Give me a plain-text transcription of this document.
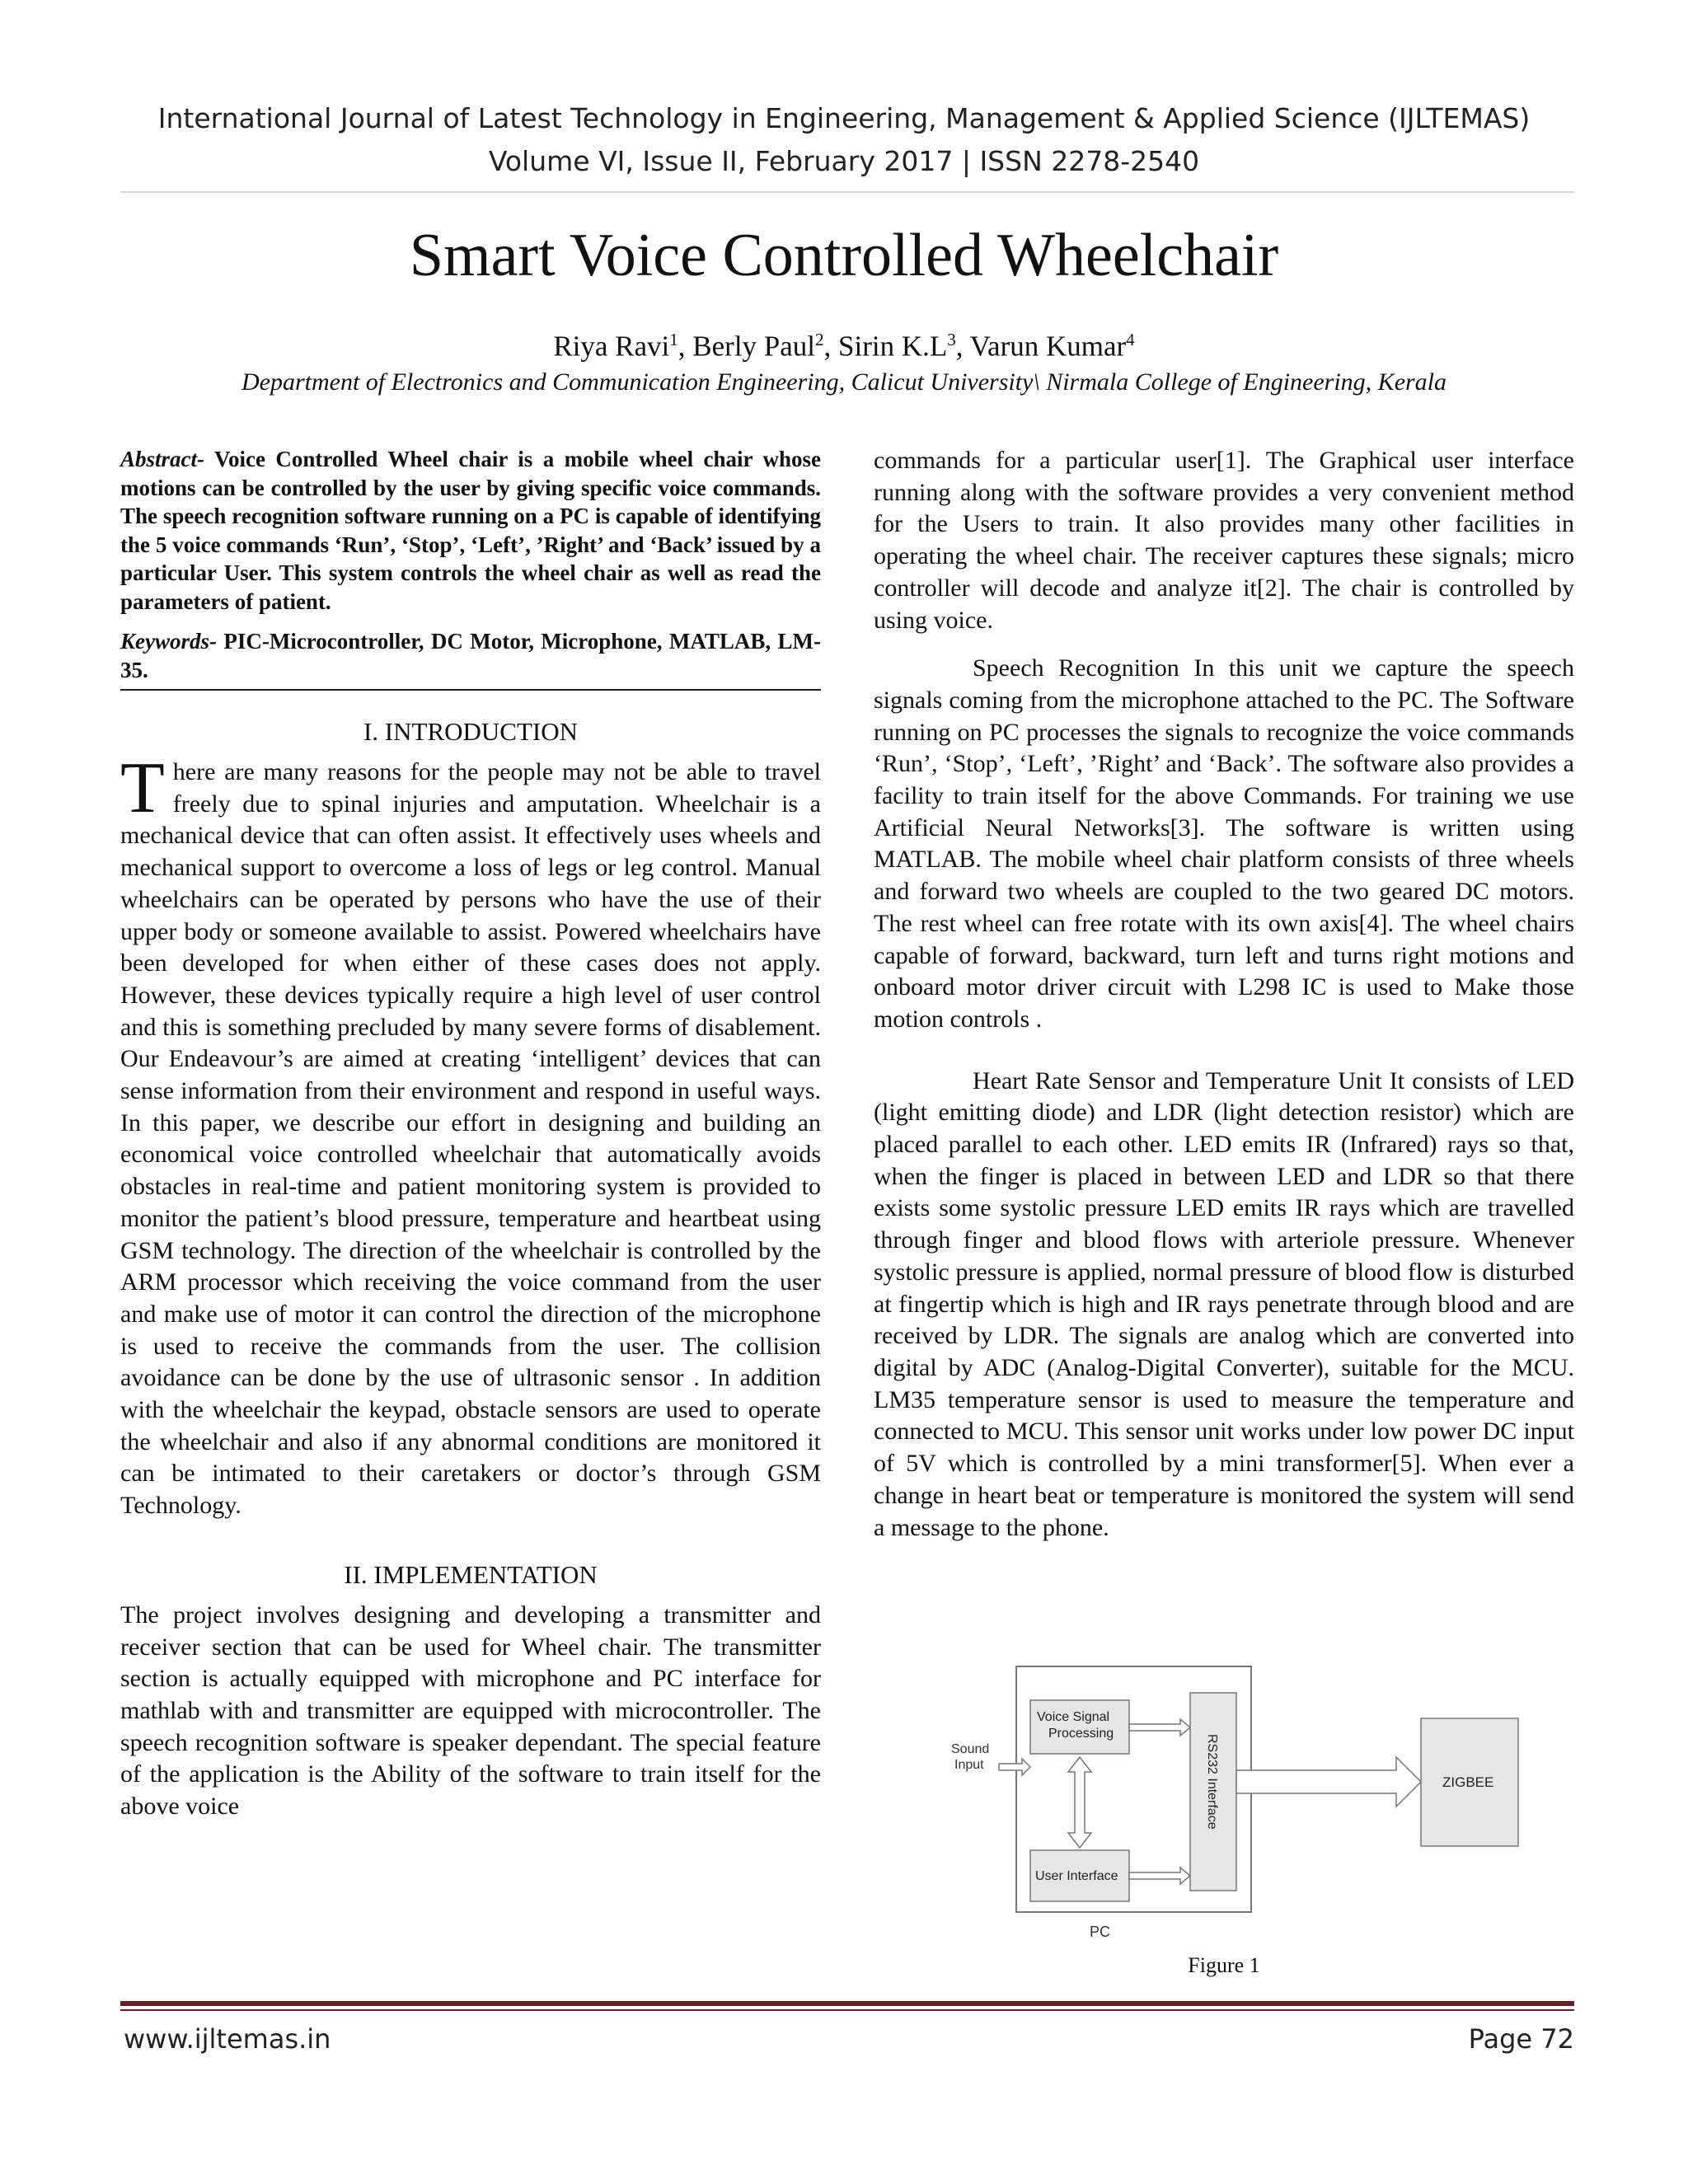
International Journal of Latest Technology in Engineering, Management & Applied Science (IJLTEMAS)
Volume VI, Issue II, February 2017 | ISSN 2278-2540
Smart Voice Controlled Wheelchair
Riya Ravi$^1$, Berly Paul$^2$, Sirin $K.L^3$, Varun Kumar$^4$
Department of Electronics and Communication Engineering, Calicut University\ Nirmala College of Engineering, Kerala

Abstract- Voice Controlled Wheel chair is a mobile wheel chair whose motions can be controlled by the user by giving specific voice commands. The speech recognition software running on a PC is capable of identifying the 5 voice commands ‘Run’, ‘Stop’, ‘Left’, ’Right’ and ‘Back’ issued by a particular User. This system controls the wheel chair as well as read the parameters of patient.

Keywords- PIC-Microcontroller, DC Motor, Microphone, MATLAB, LM-35.

I. INTRODUCTION

There are many reasons for the people may not be able to travel freely due to spinal injuries and amputation. Wheelchair is a mechanical device that can often assist. It effectively uses wheels and mechanical support to overcome a loss of legs or leg control. Manual wheelchairs can be operated by persons who have the use of their upper body or someone available to assist. Powered wheelchairs have been developed for when either of these cases does not apply. However, these devices typically require a high level of user control and this is something precluded by many severe forms of disablement. Our Endeavour’s are aimed at creating ‘intelligent’ devices that can sense information from their environment and respond in useful ways. In this paper, we describe our effort in designing and building an economical voice controlled wheelchair that automatically avoids obstacles in real-time and patient monitoring system is provided to monitor the patient’s blood pressure, temperature and heartbeat using GSM technology. The direction of the wheelchair is controlled by the ARM processor which receiving the voice command from the user and make use of motor it can control the direction of the microphone is used to receive the commands from the user. The collision avoidance can be done by the use of ultrasonic sensor . In addition with the wheelchair the keypad, obstacle sensors are used to operate the wheelchair and also if any abnormal conditions are monitored it can be intimated to their caretakers or doctor’s through GSM Technology.

II. IMPLEMENTATION

The project involves designing and developing a transmitter and receiver section that can be used for Wheel chair. The transmitter section is actually equipped with microphone and PC interface for mathlab with and transmitter are equipped with microcontroller. The speech recognition software is speaker dependant. The special feature of the application is the Ability of the software to train itself for the above voice

commands for a particular user[1]. The Graphical user interface running along with the software provides a very convenient method for the Users to train. It also provides many other facilities in operating the wheel chair. The receiver captures these signals; micro controller will decode and analyze it[2]. The chair is controlled by using voice.

Speech Recognition In this unit we capture the speech signals coming from the microphone attached to the PC. The Software running on PC processes the signals to recognize the voice commands ‘Run’, ‘Stop’, ‘Left’, ’Right’ and ‘Back’. The software also provides a facility to train itself for the above Commands. For training we use Artificial Neural Networks[3]. The software is written using MATLAB. The mobile wheel chair platform consists of three wheels and forward two wheels are coupled to the two geared DC motors. The rest wheel can free rotate with its own axis[4]. The wheel chairs capable of forward, backward, turn left and turns right motions and onboard motor driver circuit with L298 IC is used to Make those motion controls .

Heart Rate Sensor and Temperature Unit It consists of LED (light emitting diode) and LDR (light detection resistor) which are placed parallel to each other. LED emits IR (Infrared) rays so that, when the finger is placed in between LED and LDR so that there exists some systolic pressure LED emits IR rays which are travelled through finger and blood flows with arteriole pressure. Whenever systolic pressure is applied, normal pressure of blood flow is disturbed at fingertip which is high and IR rays penetrate through blood and are received by LDR. The signals are analog which are converted into digital by ADC (Analog-Digital Converter), suitable for the MCU. LM35 temperature sensor is used to measure the temperature and connected to MCU. This sensor unit works under low power DC input of 5V which is controlled by a mini transformer[5]. When ever a change in heart beat or temperature is monitored the system will send a message to the phone.

PC
Sound
Input
Voice Signal
Processing
User Interface
RS232 Interface	ZIGBEE
Figure 1
www.ijltemas.in	Page 72
